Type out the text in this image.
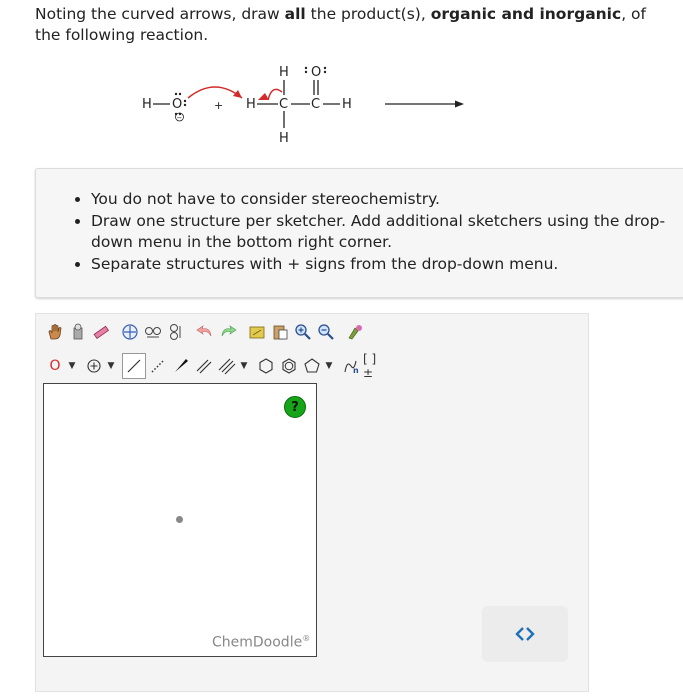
Noting the curved arrows, draw all the product(s), organic and inorganic, of the following reaction.
H O
−
+ H C
H
H
C
O
H
• You do not have to consider stereochemistry.
• Draw one structure per sketcher. Add additional sketchers using the drop-down menu in the bottom right corner.
• Separate structures with + signs from the drop-down menu.
O ▼	▼	▼	▼	n
[ ]±
?
ChemDoodle®
